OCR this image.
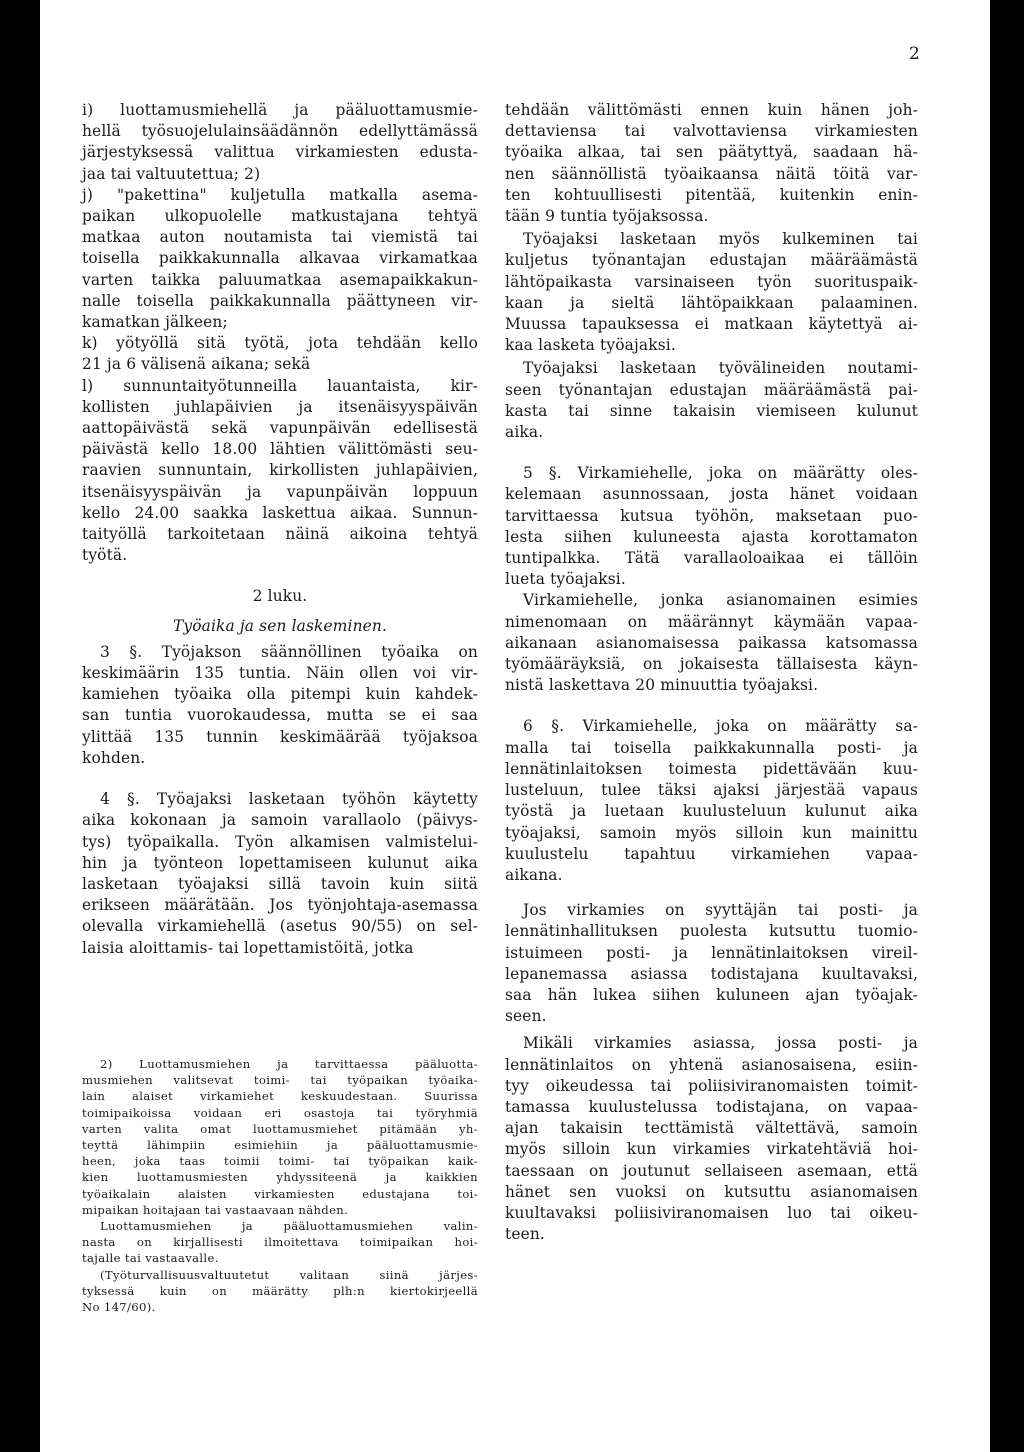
2
i) luottamusmiehellä ja pääluottamusmie-
hellä työsuojelulainsäädännön edellyttämässä
järjestyksessä valittua virkamiesten edusta-
jaa tai valtuutettua; 2)
j) "pakettina" kuljetulla matkalla asema-
paikan ulkopuolelle matkustajana tehtyä
matkaa auton noutamista tai viemistä tai
toisella paikkakunnalla alkavaa virkamatkaa
varten taikka paluumatkaa asemapaikkakun-
nalle toisella paikkakunnalla päättyneen vir-
kamatkan jälkeen;
k) yötyöllä sitä työtä, jota tehdään kello
21 ja 6 välisenä aikana; sekä
l) sunnuntaityötunneilla lauantaista, kir-
kollisten juhlapäivien ja itsenäisyyspäivän
aattopäivästä sekä vapunpäivän edellisestä
päivästä kello 18.00 lähtien välittömästi seu-
raavien sunnuntain, kirkollisten juhlapäivien,
itsenäisyyspäivän ja vapunpäivän loppuun
kello 24.00 saakka laskettua aikaa. Sunnun-
taityöllä tarkoitetaan näinä aikoina tehtyä
työtä.
2 luku.
Työaika ja sen laskeminen.
3 §. Työjakson säännöllinen työaika on
keskimäärin 135 tuntia. Näin ollen voi vir-
kamiehen työaika olla pitempi kuin kahdek-
san tuntia vuorokaudessa, mutta se ei saa
ylittää 135 tunnin keskimäärää työjaksoa
kohden.
4 §. Työajaksi lasketaan työhön käytetty
aika kokonaan ja samoin varallaolo (päivys-
tys) työpaikalla. Työn alkamisen valmistelui-
hin ja työnteon lopettamiseen kulunut aika
lasketaan työajaksi sillä tavoin kuin siitä
erikseen määrätään. Jos työnjohtaja-asemassa
olevalla virkamiehellä (asetus 90/55) on sel-
laisia aloittamis- tai lopettamistöitä, jotka
2) Luottamusmiehen ja tarvittaessa pääluotta-
musmiehen valitsevat toimi- tai työpaikan työaika-
lain alaiset virkamiehet keskuudestaan. Suurissa
toimipaikoissa voidaan eri osastoja tai työryhmiä
varten valita omat luottamusmiehet pitämään yh-
teyttä lähimpiin esimiehiin ja pääluottamusmie-
heen, joka taas toimii toimi- tai työpaikan kaik-
kien luottamusmiesten yhdyssiteenä ja kaikkien
työaikalain alaisten virkamiesten edustajana toi-
mipaikan hoitajaan tai vastaavaan nähden.
Luottamusmiehen ja pääluottamusmiehen valin-
nasta on kirjallisesti ilmoitettava toimipaikan hoi-
tajalle tai vastaavalle.
(Työturvallisuusvaltuutetut valitaan siinä järjes-
tyksessä kuin on määrätty plh:n kiertokirjeellä
No 147/60).
tehdään välittömästi ennen kuin hänen joh-
dettaviensa tai valvottaviensa virkamiesten
työaika alkaa, tai sen päätyttyä, saadaan hä-
nen säännöllistä työaikaansa näitä töitä var-
ten kohtuullisesti pitentää, kuitenkin enin-
tään 9 tuntia työjaksossa.
Työajaksi lasketaan myös kulkeminen tai
kuljetus työnantajan edustajan määräämästä
lähtöpaikasta varsinaiseen työn suorituspaik-
kaan ja sieltä lähtöpaikkaan palaaminen.
Muussa tapauksessa ei matkaan käytettyä ai-
kaa lasketa työajaksi.
Työajaksi lasketaan työvälineiden noutami-
seen työnantajan edustajan määräämästä pai-
kasta tai sinne takaisin viemiseen kulunut
aika.
5 §. Virkamiehelle, joka on määrätty oles-
kelemaan asunnossaan, josta hänet voidaan
tarvittaessa kutsua työhön, maksetaan puo-
lesta siihen kuluneesta ajasta korottamaton
tuntipalkka. Tätä varallaoloaikaa ei tällöin
lueta työajaksi.
Virkamiehelle, jonka asianomainen esimies
nimenomaan on määrännyt käymään vapaa-
aikanaan asianomaisessa paikassa katsomassa
työmääräyksiä, on jokaisesta tällaisesta käyn-
nistä laskettava 20 minuuttia työajaksi.
6 §. Virkamiehelle, joka on määrätty sa-
malla tai toisella paikkakunnalla posti- ja
lennätinlaitoksen toimesta pidettävään kuu-
lusteluun, tulee täksi ajaksi järjestää vapaus
työstä ja luetaan kuulusteluun kulunut aika
työajaksi, samoin myös silloin kun mainittu
kuulustelu tapahtuu virkamiehen vapaa-
aikana.
Jos virkamies on syyttäjän tai posti- ja
lennätinhallituksen puolesta kutsuttu tuomio-
istuimeen posti- ja lennätinlaitoksen vireil-
lepanemassa asiassa todistajana kuultavaksi,
saa hän lukea siihen kuluneen ajan työajak-
seen.
Mikäli virkamies asiassa, jossa posti- ja
lennätinlaitos on yhtenä asianosaisena, esiin-
tyy oikeudessa tai poliisiviranomaisten toimit-
tamassa kuulustelussa todistajana, on vapaa-
ajan takaisin tecttämistä vältettävä, samoin
myös silloin kun virkamies virkatehtäviä hoi-
taessaan on joutunut sellaiseen asemaan, että
hänet sen vuoksi on kutsuttu asianomaisen
kuultavaksi poliisiviranomaisen luo tai oikeu-
teen.
